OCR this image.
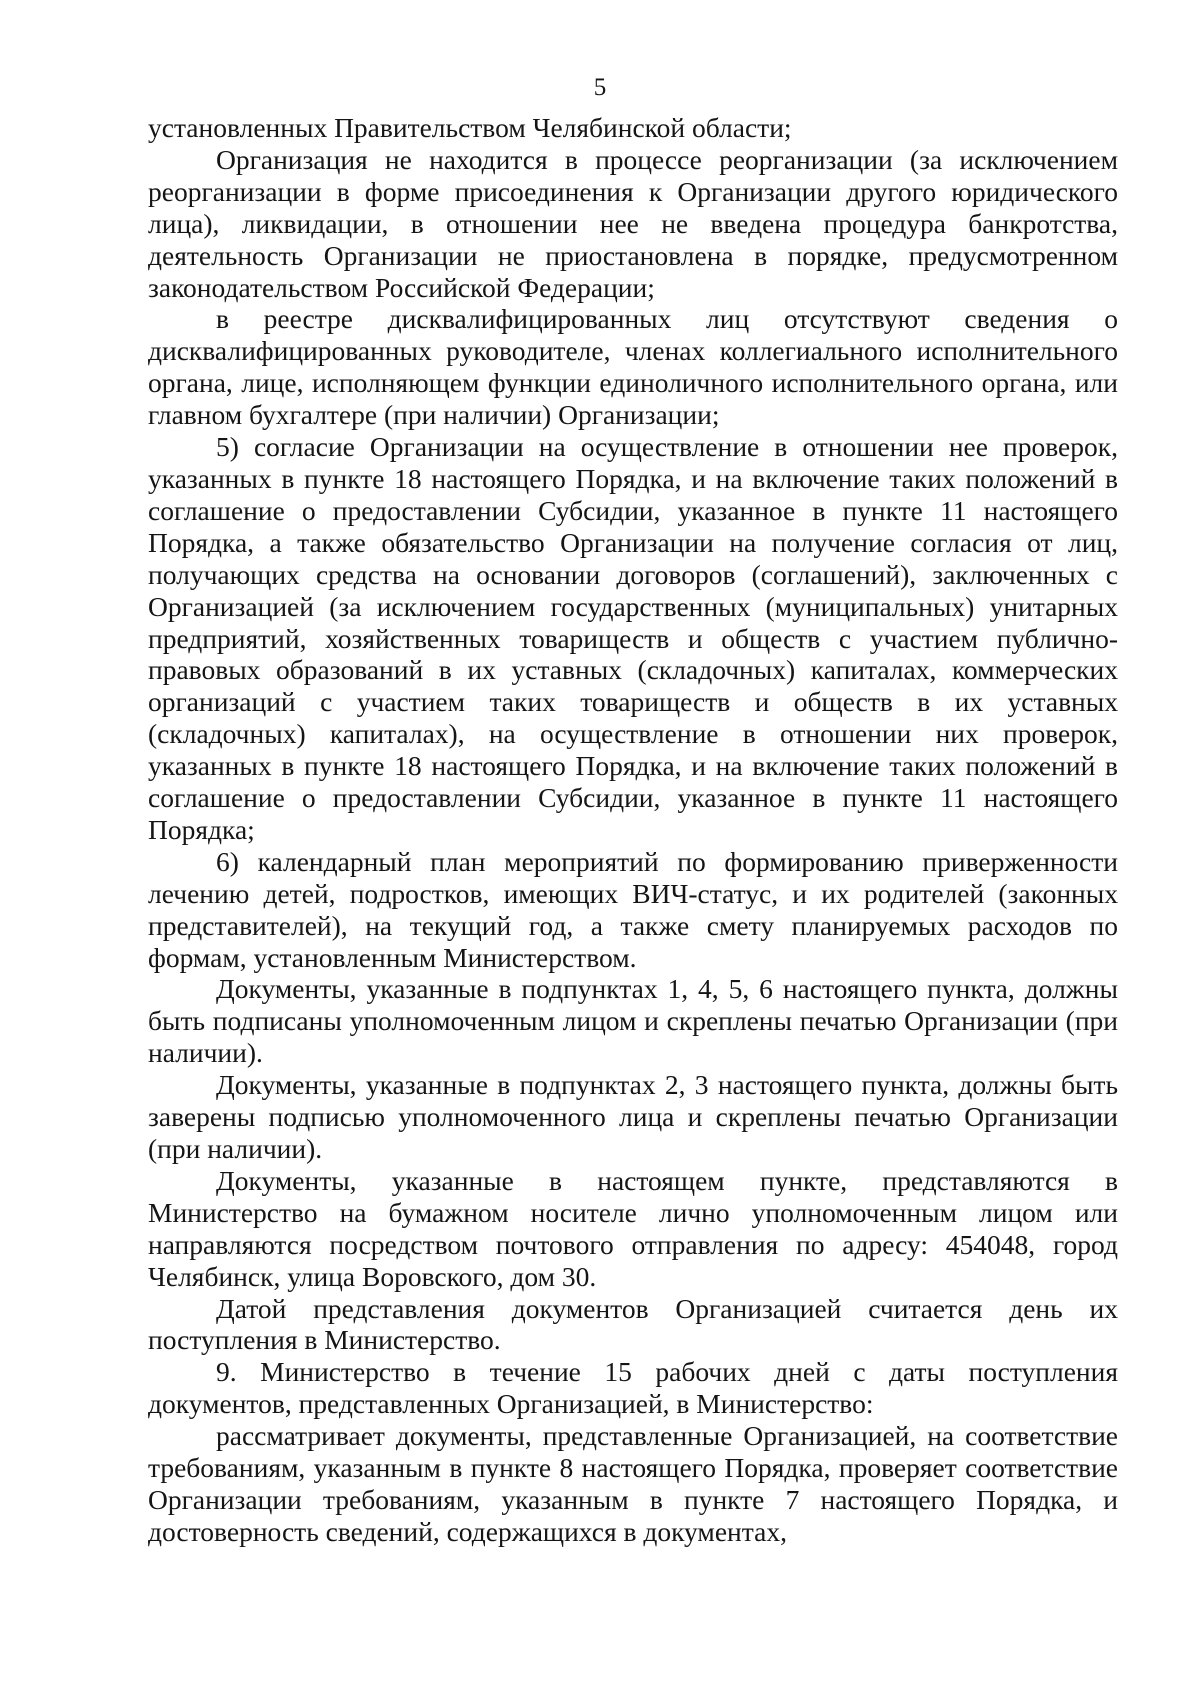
5

установленных Правительством Челябинской области;

Организация не находится в процессе реорганизации (за исключением реорганизации в форме присоединения к Организации другого юридического лица), ликвидации, в отношении нее не введена процедура банкротства, деятельность Организации не приостановлена в порядке, предусмотренном законодательством Российской Федерации;

в реестре дисквалифицированных лиц отсутствуют сведения о дисквалифицированных руководителе, членах коллегиального исполнительного органа, лице, исполняющем функции единоличного исполнительного органа, или главном бухгалтере (при наличии) Организации;

5) согласие Организации на осуществление в отношении нее проверок, указанных в пункте 18 настоящего Порядка, и на включение таких положений в соглашение о предоставлении Субсидии, указанное в пункте 11 настоящего Порядка, а также обязательство Организации на получение согласия от лиц, получающих средства на основании договоров (соглашений), заключенных с Организацией (за исключением государственных (муниципальных) унитарных предприятий, хозяйственных товариществ и обществ с участием публично-правовых образований в их уставных (складочных) капиталах, коммерческих организаций с участием таких товариществ и обществ в их уставных (складочных) капиталах), на осуществление в отношении них проверок, указанных в пункте 18 настоящего Порядка, и на включение таких положений в соглашение о предоставлении Субсидии, указанное в пункте 11 настоящего Порядка;

6) календарный план мероприятий по формированию приверженности лечению детей, подростков, имеющих ВИЧ-статус, и их родителей (законных представителей), на текущий год, а также смету планируемых расходов по формам, установленным Министерством.

Документы, указанные в подпунктах 1, 4, 5, 6 настоящего пункта, должны быть подписаны уполномоченным лицом и скреплены печатью Организации (при наличии).

Документы, указанные в подпунктах 2, 3 настоящего пункта, должны быть заверены подписью уполномоченного лица и скреплены печатью Организации (при наличии).

Документы, указанные в настоящем пункте, представляются в Министерство на бумажном носителе лично уполномоченным лицом или направляются посредством почтового отправления по адресу: 454048, город Челябинск, улица Воровского, дом 30.

Датой представления документов Организацией считается день их поступления в Министерство.

9. Министерство в течение 15 рабочих дней с даты поступления документов, представленных Организацией, в Министерство:

рассматривает документы, представленные Организацией, на соответствие требованиям, указанным в пункте 8 настоящего Порядка, проверяет соответствие Организации требованиям, указанным в пункте 7 настоящего Порядка, и достоверность сведений, содержащихся в документах,
